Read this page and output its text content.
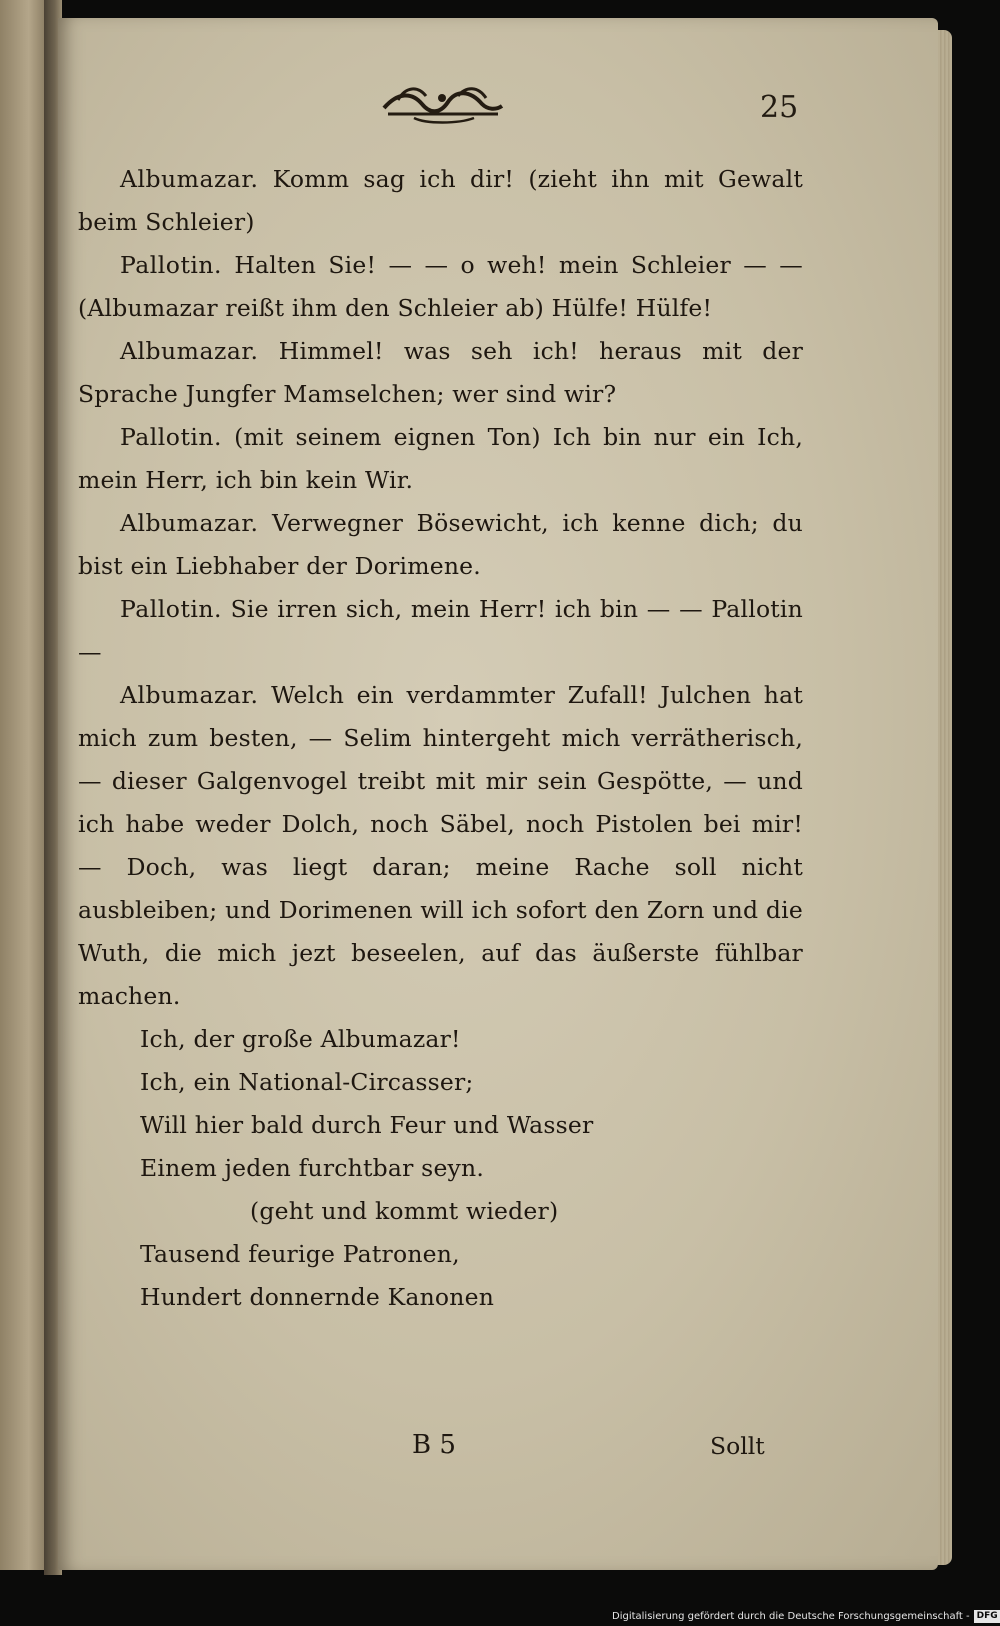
25

Albumazar. Komm sag ich dir! (zieht ihn mit Gewalt beim Schleier)

Pallotin. Halten Sie! — — o weh! mein Schleier — — (Albumazar reißt ihm den Schleier ab) Hülfe! Hülfe!

Albumazar. Himmel! was seh ich! heraus mit der Sprache Jungfer Mamselchen; wer sind wir?

Pallotin. (mit seinem eignen Ton) Ich bin nur ein Ich, mein Herr, ich bin kein Wir.

Albumazar. Verwegner Bösewicht, ich kenne dich; du bist ein Liebhaber der Dorimene.

Pallotin. Sie irren sich, mein Herr! ich bin — — Pallotin —

Albumazar. Welch ein verdammter Zufall! Julchen hat mich zum besten, — Selim hintergeht mich verrätherisch, — dieser Galgenvogel treibt mit mir sein Gespötte, — und ich habe weder Dolch, noch Säbel, noch Pistolen bei mir! — Doch, was liegt daran; meine Rache soll nicht ausbleiben; und Dorimenen will ich sofort den Zorn und die Wuth, die mich jezt beseelen, auf das äußerste fühlbar machen.

Ich, der große Albumazar!
Ich, ein National-Circasser;
Will hier bald durch Feur und Wasser
Einem jeden furchtbar seyn.
(geht und kommt wieder)
Tausend feurige Patronen,
Hundert donnernde Kanonen
B 5	Sollt
Digitalisierung gefördert durch die Deutsche Forschungsgemeinschaft - DFG
